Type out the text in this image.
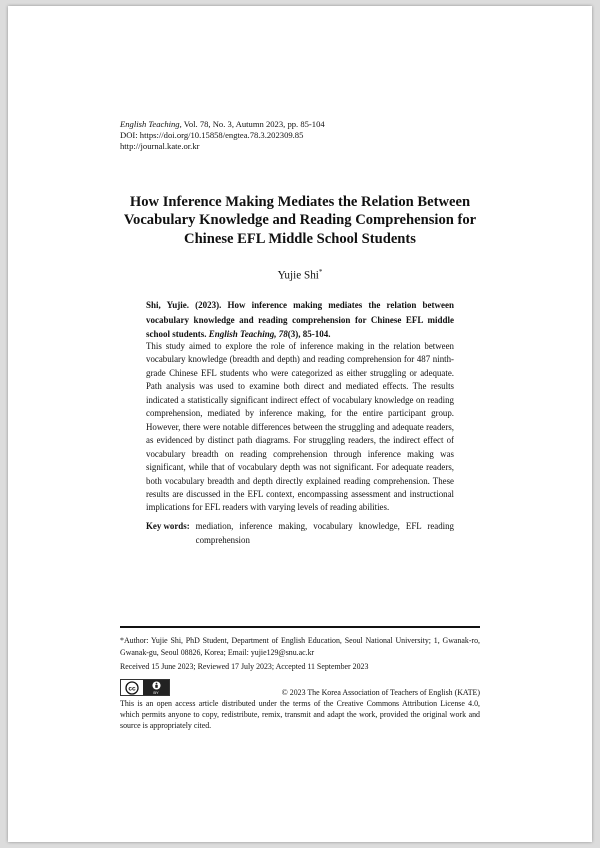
English Teaching, Vol. 78, No. 3, Autumn 2023, pp. 85-104
DOI: https://doi.org/10.15858/engtea.78.3.202309.85
http://journal.kate.or.kr
How Inference Making Mediates the Relation Between Vocabulary Knowledge and Reading Comprehension for Chinese EFL Middle School Students
Yujie Shi*
Shi, Yujie. (2023). How inference making mediates the relation between vocabulary knowledge and reading comprehension for Chinese EFL middle school students. English Teaching, 78(3), 85-104.

This study aimed to explore the role of inference making in the relation between vocabulary knowledge (breadth and depth) and reading comprehension for 487 ninth-grade Chinese EFL students who were categorized as either struggling or adequate. Path analysis was used to examine both direct and mediated effects. The results indicated a statistically significant indirect effect of vocabulary knowledge on reading comprehension, mediated by inference making, for the entire participant group. However, there were notable differences between the struggling and adequate readers, as evidenced by distinct path diagrams. For struggling readers, the indirect effect of vocabulary breadth on reading comprehension through inference making was significant, while that of vocabulary depth was not significant. For adequate readers, both vocabulary breadth and depth directly explained reading comprehension. These results are discussed in the EFL context, encompassing assessment and instructional implications for EFL readers with varying levels of reading abilities.

Key words: mediation, inference making, vocabulary knowledge, EFL reading comprehension
*Author: Yujie Shi, PhD Student, Department of English Education, Seoul National University; 1, Gwanak-ro, Gwanak-gu, Seoul 08826, Korea; Email: yujie129@snu.ac.kr
Received 15 June 2023; Reviewed 17 July 2023; Accepted 11 September 2023
cc	BY	© 2023 The Korea Association of Teachers of English (KATE)
This is an open access article distributed under the terms of the Creative Commons Attribution License 4.0, which permits anyone to copy, redistribute, remix, transmit and adapt the work, provided the original work and source is appropriately cited.
